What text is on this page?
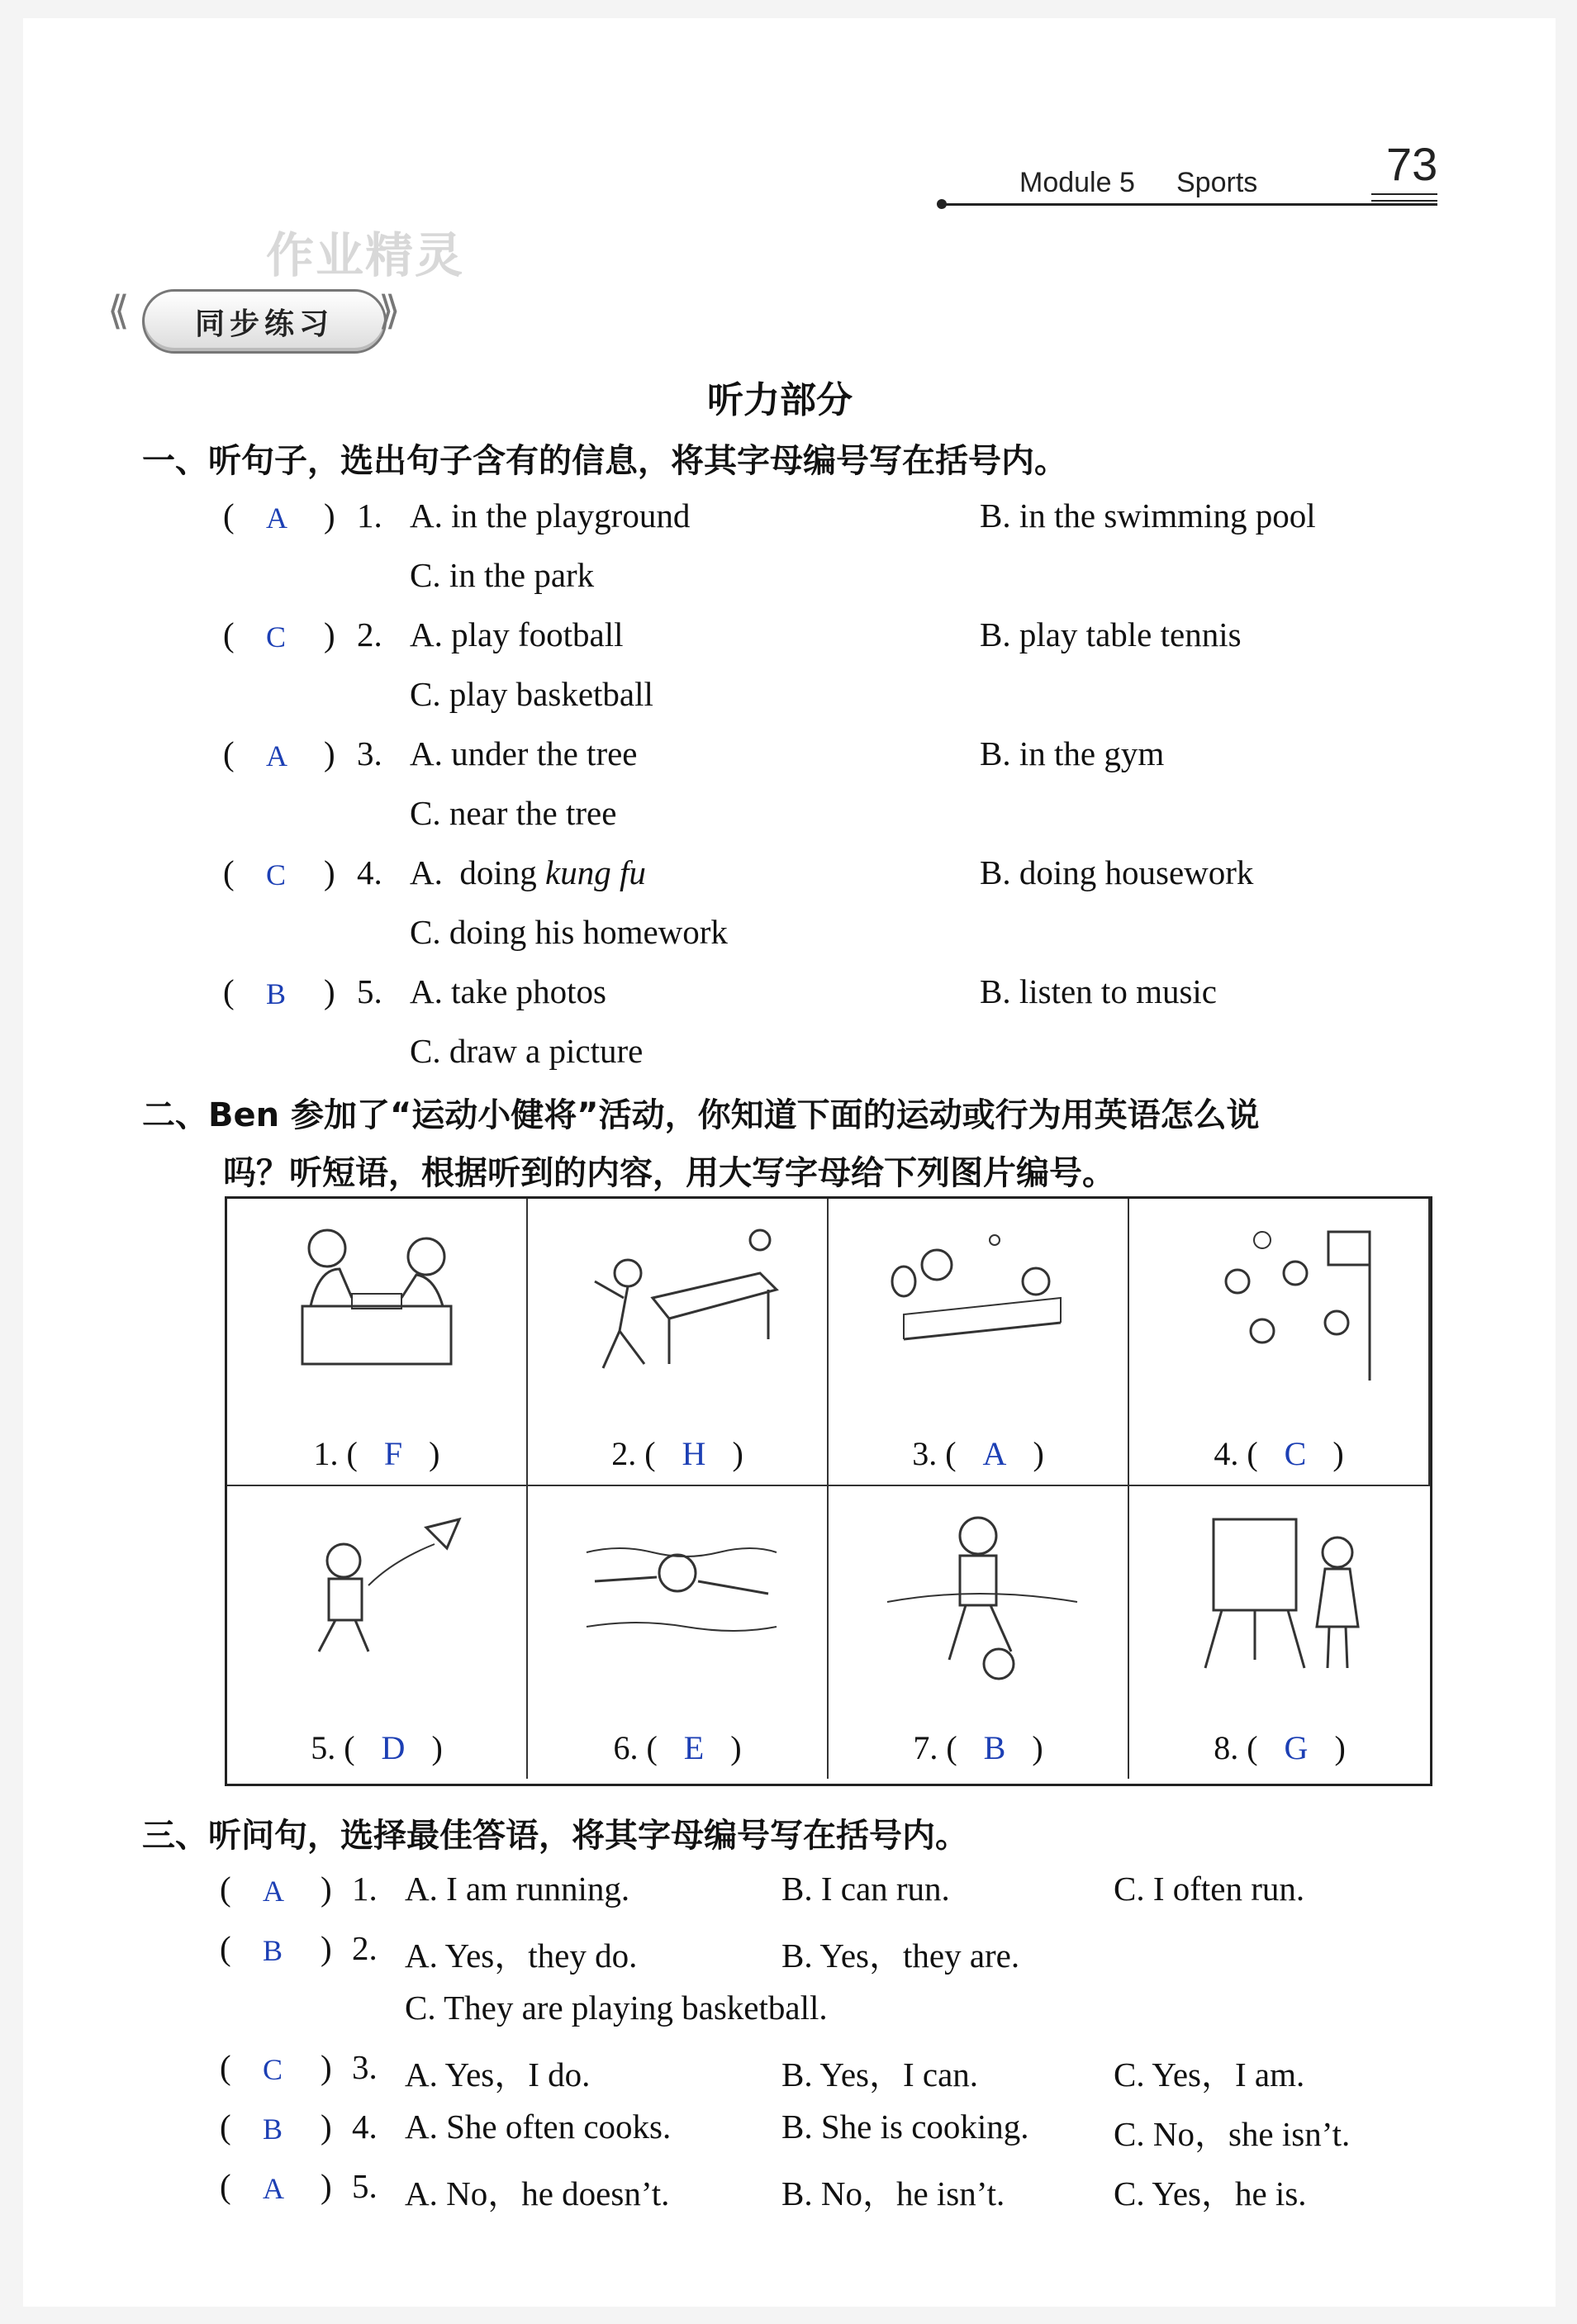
Module 5 Sports	73
作业精灵
⟪	同步练习	⟫
听力部分
一、听句子，选出句子含有的信息，将其字母编号写在括号内。
( A ) 1. A. in the playground	B. in the swimming pool
C. in the park
( C ) 2. A. play football	B. play table tennis
C. play basketball
( A ) 3. A. under the tree	B. in the gym
C. near the tree
( C ) 4. A.  doing kung fu	B. doing housework
C. doing his homework
( B ) 5. A. take photos	B. listen to music
C. draw a picture
二、Ben 参加了“运动小健将”活动，你知道下面的运动或行为用英语怎么说
吗？听短语，根据听到的内容，用大写字母给下列图片编号。
1. ( F )	2. ( H )	3. ( A )	4. ( C )
5. ( D )	6. ( E )	7. ( B )	8. ( G )
三、听问句，选择最佳答语，将其字母编号写在括号内。
( A ) 1. A. I am running.	B. I can run.	C. I often run.
( B ) 2. A. Yes，they do.	B. Yes，they are.
C. They are playing basketball.
( C ) 3. A. Yes，I do.	B. Yes，I can.	C. Yes，I am.
( B ) 4. A. She often cooks.	B. She is cooking. C. No，she isn’t.
( A ) 5. A. No，he doesn’t.	B. No，he isn’t.	C. Yes，he is.
